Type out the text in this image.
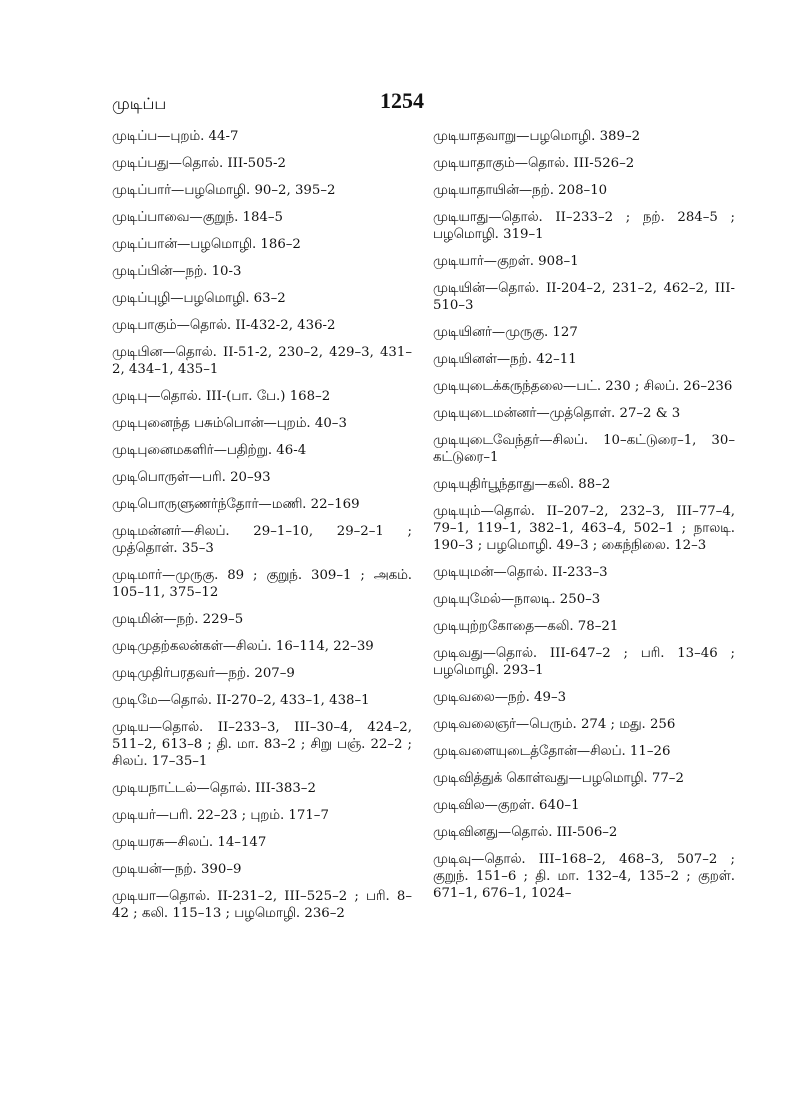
முடிப்ப	1254

முடிப்ப—புறம். 44-7

முடிப்பது—தொல். III-505-2

முடிப்பார்—பழமொழி. 90–2, 395–2

முடிப்பாவை—குறுந். 184–5

முடிப்பான்—பழமொழி. 186–2

முடிப்பின்—நற். 10-3

முடிப்புழி—பழமொழி. 63–2

முடிபாகும்—தொல். II-432-2, 436-2

முடிபின—தொல். II-51-2, 230–2, 429–3, 431–2, 434–1, 435–1

முடிபு—தொல். III-(பா. பே.) 168–2

முடிபுனைந்த பசும்பொன்—புறம். 40–3

முடிபுனைமகளிர்—பதிற்று. 46-4

முடிபொருள்—பரி. 20–93

முடிபொருளுணர்ந்தோர்—மணி. 22–169

முடிமன்னர்—சிலப். 29–1–10, 29–2–1 ; முத்தொள். 35–3

முடிமார்—முருகு. 89 ; குறுந். 309–1 ; அகம். 105–11, 375–12

முடிமின்—நற். 229–5

முடிமுதற்கலன்கள்—சிலப். 16–114, 22–39

முடிமுதிர்பரதவர்—நற். 207–9

முடிமே—தொல். II-270–2, 433–1, 438–1

முடிய—தொல். II–233–3, III–30–4, 424–2, 511–2, 613–8 ; தி. மா. 83–2 ; சிறு பஞ். 22–2 ; சிலப். 17–35–1

முடியநாட்டல்—தொல். III-383–2

முடியர்—பரி. 22–23 ; புறம். 171–7

முடியரசு—சிலப். 14–147

முடியன்—நற். 390–9

முடியா—தொல். II-231–2, III–525–2 ; பரி. 8–42 ; கலி. 115–13 ; பழமொழி. 236–2

முடியாதவாறு—பழமொழி. 389–2

முடியாதாகும்—தொல். III-526–2

முடியாதாயின்—நற். 208–10

முடியாது—தொல். II–233–2 ; நற். 284–5 ; பழமொழி. 319–1

முடியார்—குறள். 908–1

முடியின்—தொல். II-204–2, 231–2, 462–2, III-510–3

முடியினர்—முருகு. 127

முடியினள்—நற். 42–11

முடியுடைக்கருந்தலை—பட். 230 ; சிலப். 26–236

முடியுடைமன்னர்—முத்தொள். 27–2 & 3

முடியுடைவேந்தர்—சிலப். 10–கட்டுரை–1, 30–கட்டுரை–1

முடியுதிர்பூந்தாது—கலி. 88–2

முடியும்—தொல். II–207–2, 232–3, III–77–4, 79–1, 119–1, 382–1, 463–4, 502–1 ; நாலடி. 190–3 ; பழமொழி. 49–3 ; கைந்நிலை. 12–3

முடியுமன்—தொல். II-233–3

முடியுமேல்—நாலடி. 250–3

முடியுற்றகோதை—கலி. 78–21

முடிவது—தொல். III-647–2 ; பரி. 13–46 ; பழமொழி. 293–1

முடிவலை—நற். 49–3

முடிவலைஞர்—பெரும். 274 ; மது. 256

முடிவளையுடைத்தோன்—சிலப். 11–26

முடிவித்துக் கொள்வது—பழமொழி. 77–2

முடிவில—குறள். 640–1

முடிவினது—தொல். III-506–2

முடிவு—தொல். III–168–2, 468–3, 507–2 ; குறுந். 151–6 ; தி. மா. 132–4, 135–2 ; குறள். 671–1, 676–1, 1024–
